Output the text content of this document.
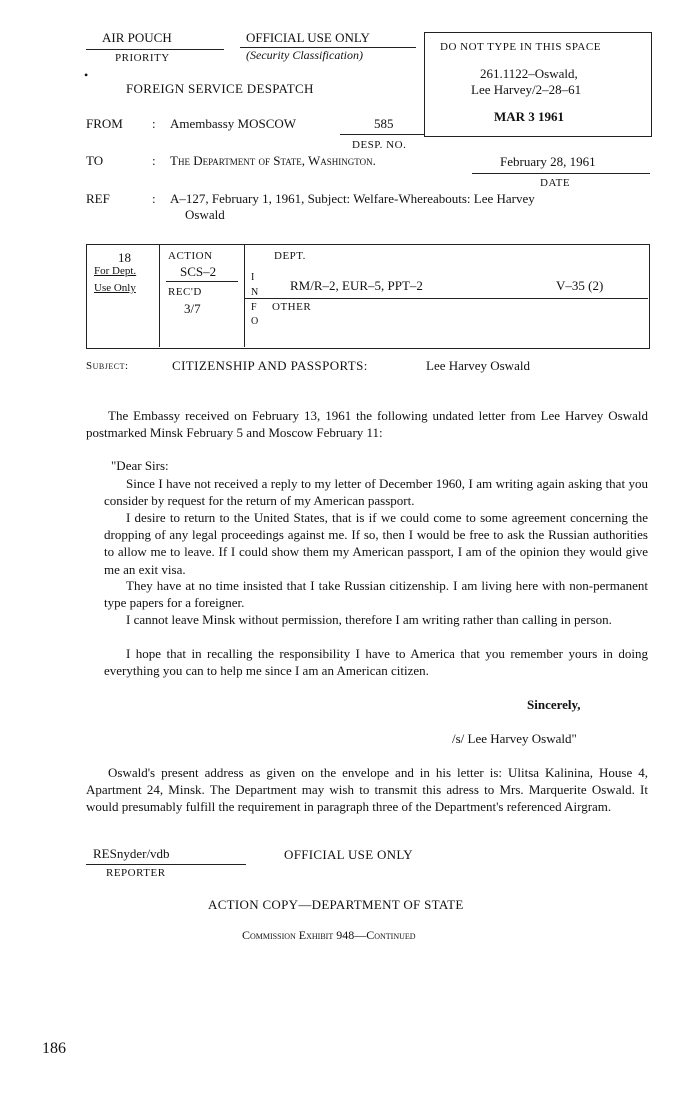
AIR POUCH
PRIORITY
OFFICIAL USE ONLY
(Security Classification)
•
FOREIGN SERVICE DESPATCH
DO NOT TYPE IN THIS SPACE
261.1122–Oswald,
Lee Harvey/2–28–61
MAR 3 1961
FROM : Amembassy MOSCOW	585
DESP. NO.
TO	: The Department of State, Washington.	February 28, 1961
DATE
REF	: A–127, February 1, 1961, Subject: Welfare-Whereabouts: Lee Harvey
Oswald
18
For Dept.
Use Only
ACTION
SCS–2
REC'D
3/7
I
N
F
O
DEPT.
RM/R–2, EUR–5, PPT–2	V–35 (2)
OTHER
Subject:	CITIZENSHIP AND PASSPORTS:	Lee Harvey Oswald

The Embassy received on February 13, 1961 the following undated letter from Lee Harvey Oswald postmarked Minsk February 5 and Moscow February 11:

"Dear Sirs:

Since I have not received a reply to my letter of December 1960, I am writing again asking that you consider by request for the return of my American passport.

I desire to return to the United States, that is if we could come to some agreement concerning the dropping of any legal proceedings against me. If so, then I would be free to ask the Russian authorities to allow me to leave. If I could show them my American passport, I am of the opinion they would give me an exit visa.

They have at no time insisted that I take Russian citizenship. I am living here with non-permanent type papers for a foreigner.

I cannot leave Minsk without permission, therefore I am writing rather than calling in person.

I hope that in recalling the responsibility I have to America that you remember yours in doing everything you can to help me since I am an American citizen.

Sincerely,
/s/ Lee Harvey Oswald"

Oswald's present address as given on the envelope and in his letter is: Ulitsa Kalinina, House 4, Apartment 24, Minsk. The Department may wish to transmit this adress to Mrs. Marquerite Oswald. It would presumably fulfill the requirement in paragraph three of the Department's referenced Airgram.

RESnyder/vdb
REPORTER
OFFICIAL USE ONLY
ACTION COPY—DEPARTMENT OF STATE
Commission Exhibit 948—Continued
186
